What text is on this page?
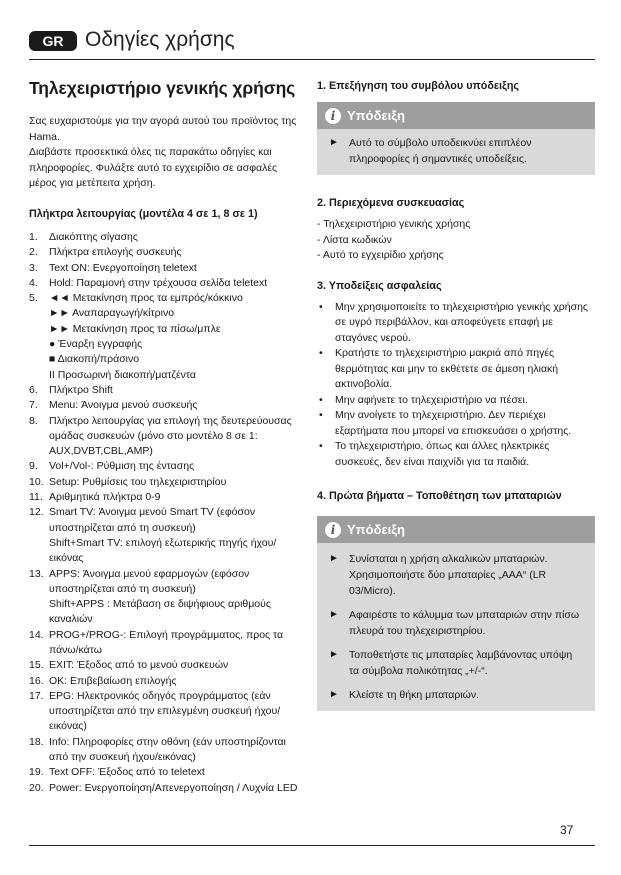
GR	Οδηγίες χρήσης
Τηλεχειριστήριο γενικής χρήσης
Σας ευχαριστούμε για την αγορά αυτού του προϊόντος της Hama.
Διαβάστε προσεκτικά όλες τις παρακάτω οδηγίες και πληροφορίες. Φυλάξτε αυτό το εγχειρίδιο σε ασφαλές μέρος για μετέπειτα χρήση.
Πλήκτρα λειτουργίας (μοντέλα 4 σε 1, 8 σε 1)
1. Διακόπτης σίγασης
2. Πλήκτρα επιλογής συσκευής
3. Text ON: Ενεργοποίηση teletext
4. Hold: Παραμονή στην τρέχουσα σελίδα teletext
5. ◄◄ Μετακίνηση προς τα εμπρός/κόκκινο
►► Αναπαραγωγή/κίτρινο
►► Μετακίνηση προς τα πίσω/μπλε
● Έναρξη εγγραφής
■ Διακοπή/πράσινο
II Προσωρινή διακοπή/ματζέντα
6. Πλήκτρο Shift
7. Menu: Άνοιγμα μενού συσκευής
8. Πλήκτρο λειτουργίας για επιλογή της δευτερεύουσας ομάδας συσκευών (μόνο στο μοντέλο 8 σε 1: AUX,DVBT,CBL,AMP)
9. Vol+/Vol-: Ρύθμιση της έντασης
10. Setup: Ρυθμίσεις του τηλεχειριστηρίου
11. Αριθμητικά πλήκτρα 0-9
12. Smart TV: Άνοιγμα μενού Smart TV (εφόσον υποστηρίζεται από τη συσκευή)
Shift+Smart TV: επιλογή εξωτερικής πηγής ήχου/ εικόνας
13. APPS: Άνοιγμα μενού εφαρμογών (εφόσον υποστηρίζεται από τη συσκευή)
Shift+APPS : Μετάβαση σε διψήφιους αριθμούς καναλιών
14. PROG+/PROG-: Επιλογή προγράμματος, προς τα πάνω/κάτω
15. EXIT: Έξοδος από το μενού συσκευών
16. OK: Επιβεβαίωση επιλογής
17. EPG: Ηλεκτρονικός οδηγός προγράμματος (εάν υποστηρίζεται από την επιλεγμένη συσκευή ήχου/εικόνας)
18. Info: Πληροφορίες στην οθόνη (εάν υποστηρίζονται από την συσκευή ήχου/εικόνας)
19. Text OFF: Έξοδος από το teletext
20. Power: Ενεργοποίηση/Απενεργοποίηση / Λυχνία LED
1. Επεξήγηση του συμβόλου υπόδειξης
i Υπόδειξη
► Αυτό το σύμβολο υποδεικνύει επιπλέον πληροφορίες ή σημαντικές υποδείξεις.
2. Περιεχόμενα συσκευασίας
- Τηλεχειριστήριο γενικής χρήσης
- Λίστα κωδικών
- Αυτό το εγχειρίδιο χρήσης
3. Υποδείξεις ασφαλείας
• Μην χρησιμοποιείτε το τηλεχειριστήριο γενικής χρήσης σε υγρό περιβάλλον, και αποφεύγετε επαφή με σταγόνες νερού.
• Κρατήστε το τηλεχειριστήριο μακριά από πηγές θερμότητας και μην το εκθέτετε σε άμεση ηλιακή ακτινοβολία.
• Μην αφήνετε το τηλεχειριστήριο να πέσει.
• Μην ανοίγετε το τηλεχειριστήριο. Δεν περιέχει εξαρτήματα που μπορεί να επισκευάσει ο χρήστης.
• Το τηλεχειριστήριο, όπως και άλλες ηλεκτρικές συσκευές, δεν είναι παιχνίδι για τα παιδιά.
4. Πρώτα βήματα – Τοποθέτηση των μπαταριών
i Υπόδειξη
► Συνίσταται η χρήση αλκαλικών μπαταριών. Χρησιμοποιήστε δύο μπαταρίες „AAA“ (LR 03/Micro).
► Αφαιρέστε το κάλυμμα των μπαταριών στην πίσω πλευρά του τηλεχειριστηρίου.
► Τοποθετήστε τις μπαταρίες λαμβάνοντας υπόψη τα σύμβολα πολικότητας „+/-“.
► Κλείστε τη θήκη μπαταριών.
37
